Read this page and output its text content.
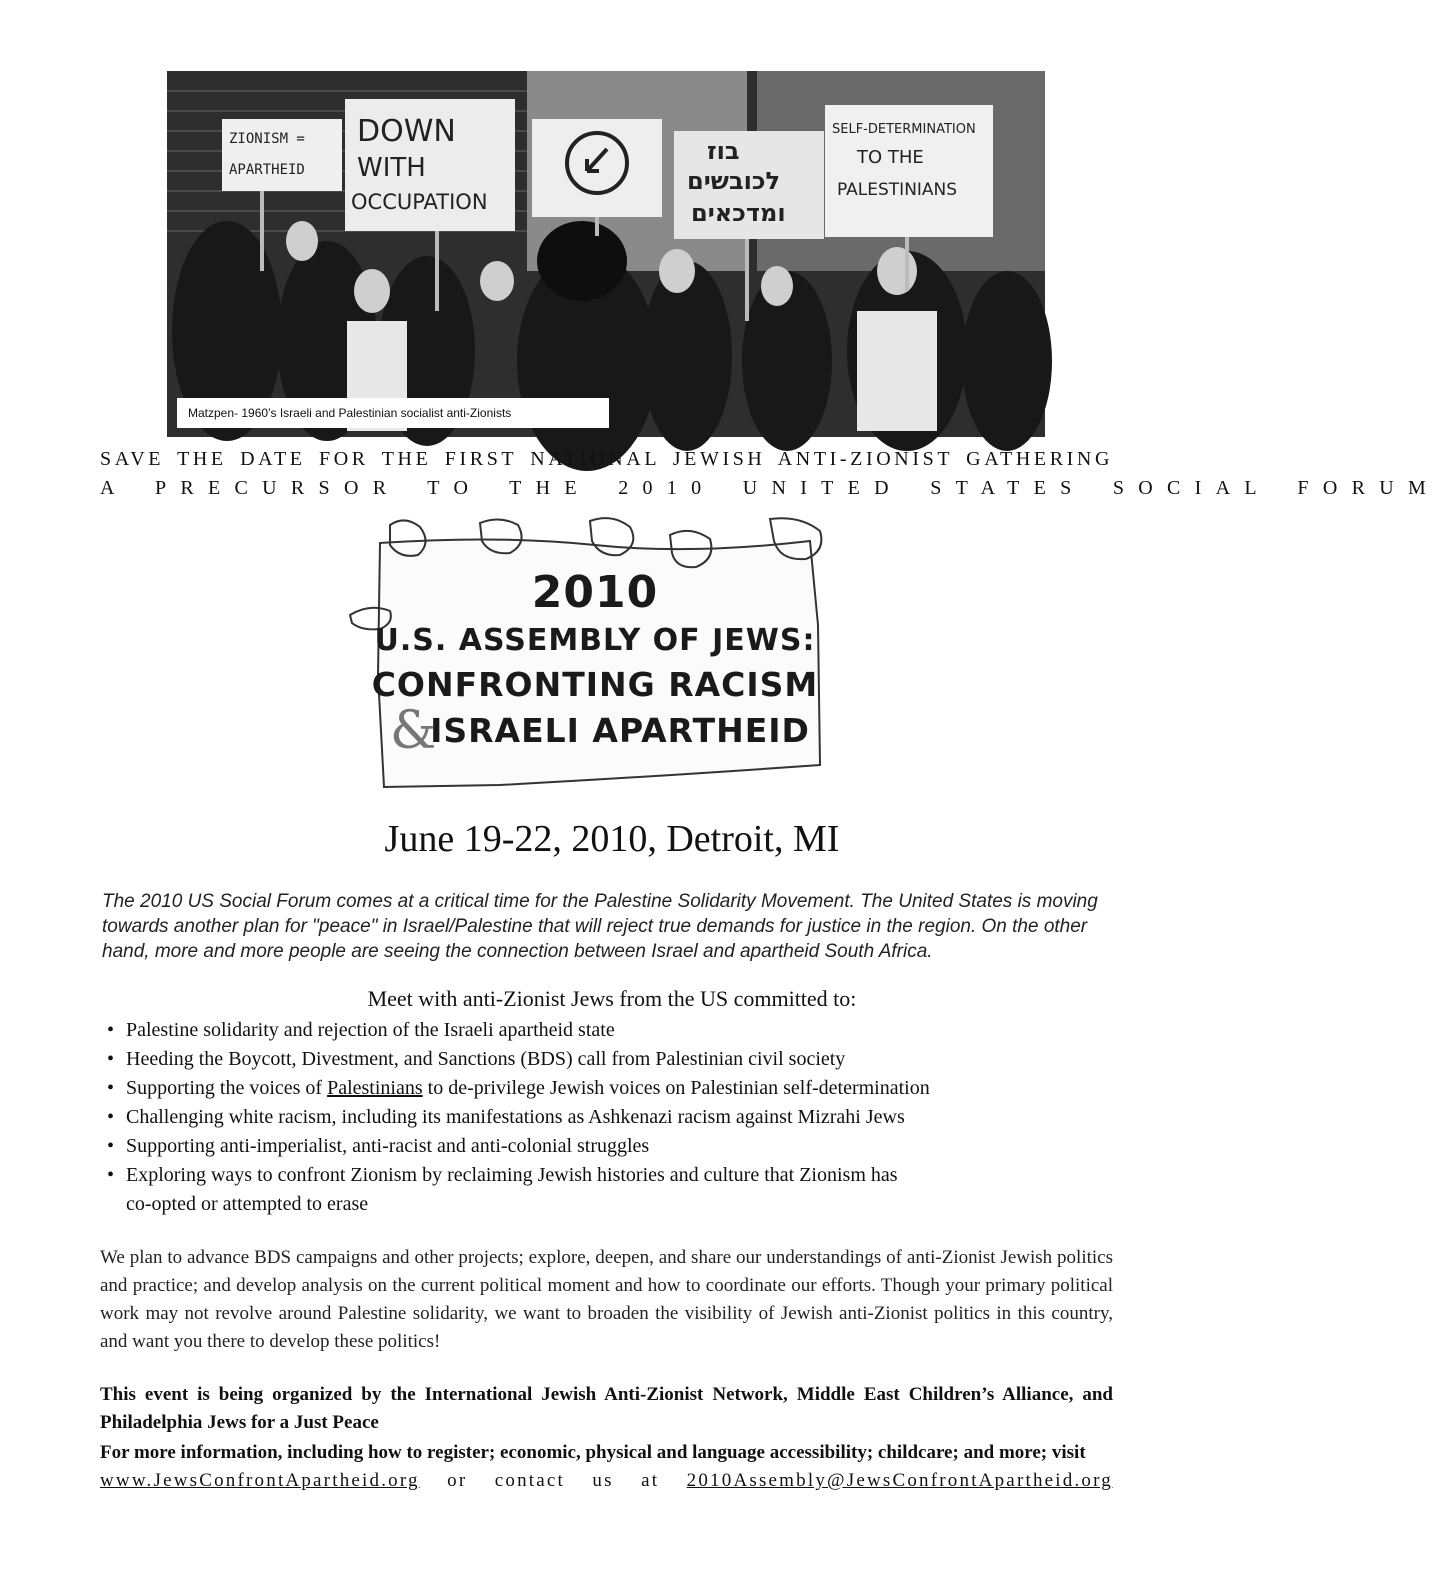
ZIONISM =
APARTHEID
DOWN
WITH
OCCUPATION
בוז
לכובשים
ומדכאים
SELF-DETERMINATION
TO THE
PALESTINIANS
Matzpen- 1960’s Israeli and Palestinian socialist anti-Zionists
SAVE THE DATE FOR THE FIRST NATIONAL JEWISH ANTI-ZIONIST GATHERING
A PRECURSOR TO THE 2010 UNITED STATES SOCIAL FORUM
2010
U.S. ASSEMBLY OF JEWS:
CONFRONTING RACISM
ISRAELI APARTHEID
&
June 19-22, 2010, Detroit, MI
The 2010 US Social Forum comes at a critical time for the Palestine Solidarity Movement. The United States is moving towards another plan for "peace" in Israel/Palestine that will reject true demands for justice in the region. On the other hand, more and more people are seeing the connection between Israel and apartheid South Africa.
Meet with anti-Zionist Jews from the US committed to:
• Palestine solidarity and rejection of the Israeli apartheid state
• Heeding the Boycott, Divestment, and Sanctions (BDS) call from Palestinian civil society
• Supporting the voices of Palestinians to de-privilege Jewish voices on Palestinian self-determination
• Challenging white racism, including its manifestations as Ashkenazi racism against Mizrahi Jews
• Supporting anti-imperialist, anti-racist and anti-colonial struggles
• Exploring ways to confront Zionism by reclaiming Jewish histories and culture that Zionism has
co-opted or attempted to erase
We plan to advance BDS campaigns and other projects; explore, deepen, and share our understandings of anti-Zionist Jewish politics and practice; and develop analysis on the current political moment and how to coordinate our efforts. Though your primary political work may not revolve around Palestine solidarity, we want to broaden the visibility of Jewish anti-Zionist politics in this country, and want you there to develop these politics!
This event is being organized by the International Jewish Anti-Zionist Network, Middle East Children’s Alliance, and Philadelphia Jews for a Just Peace
For more information, including how to register; economic, physical and language accessibility; childcare; and more; visit
www.JewsConfrontApartheid.org or contact us at 2010Assembly@JewsConfrontApartheid.org
